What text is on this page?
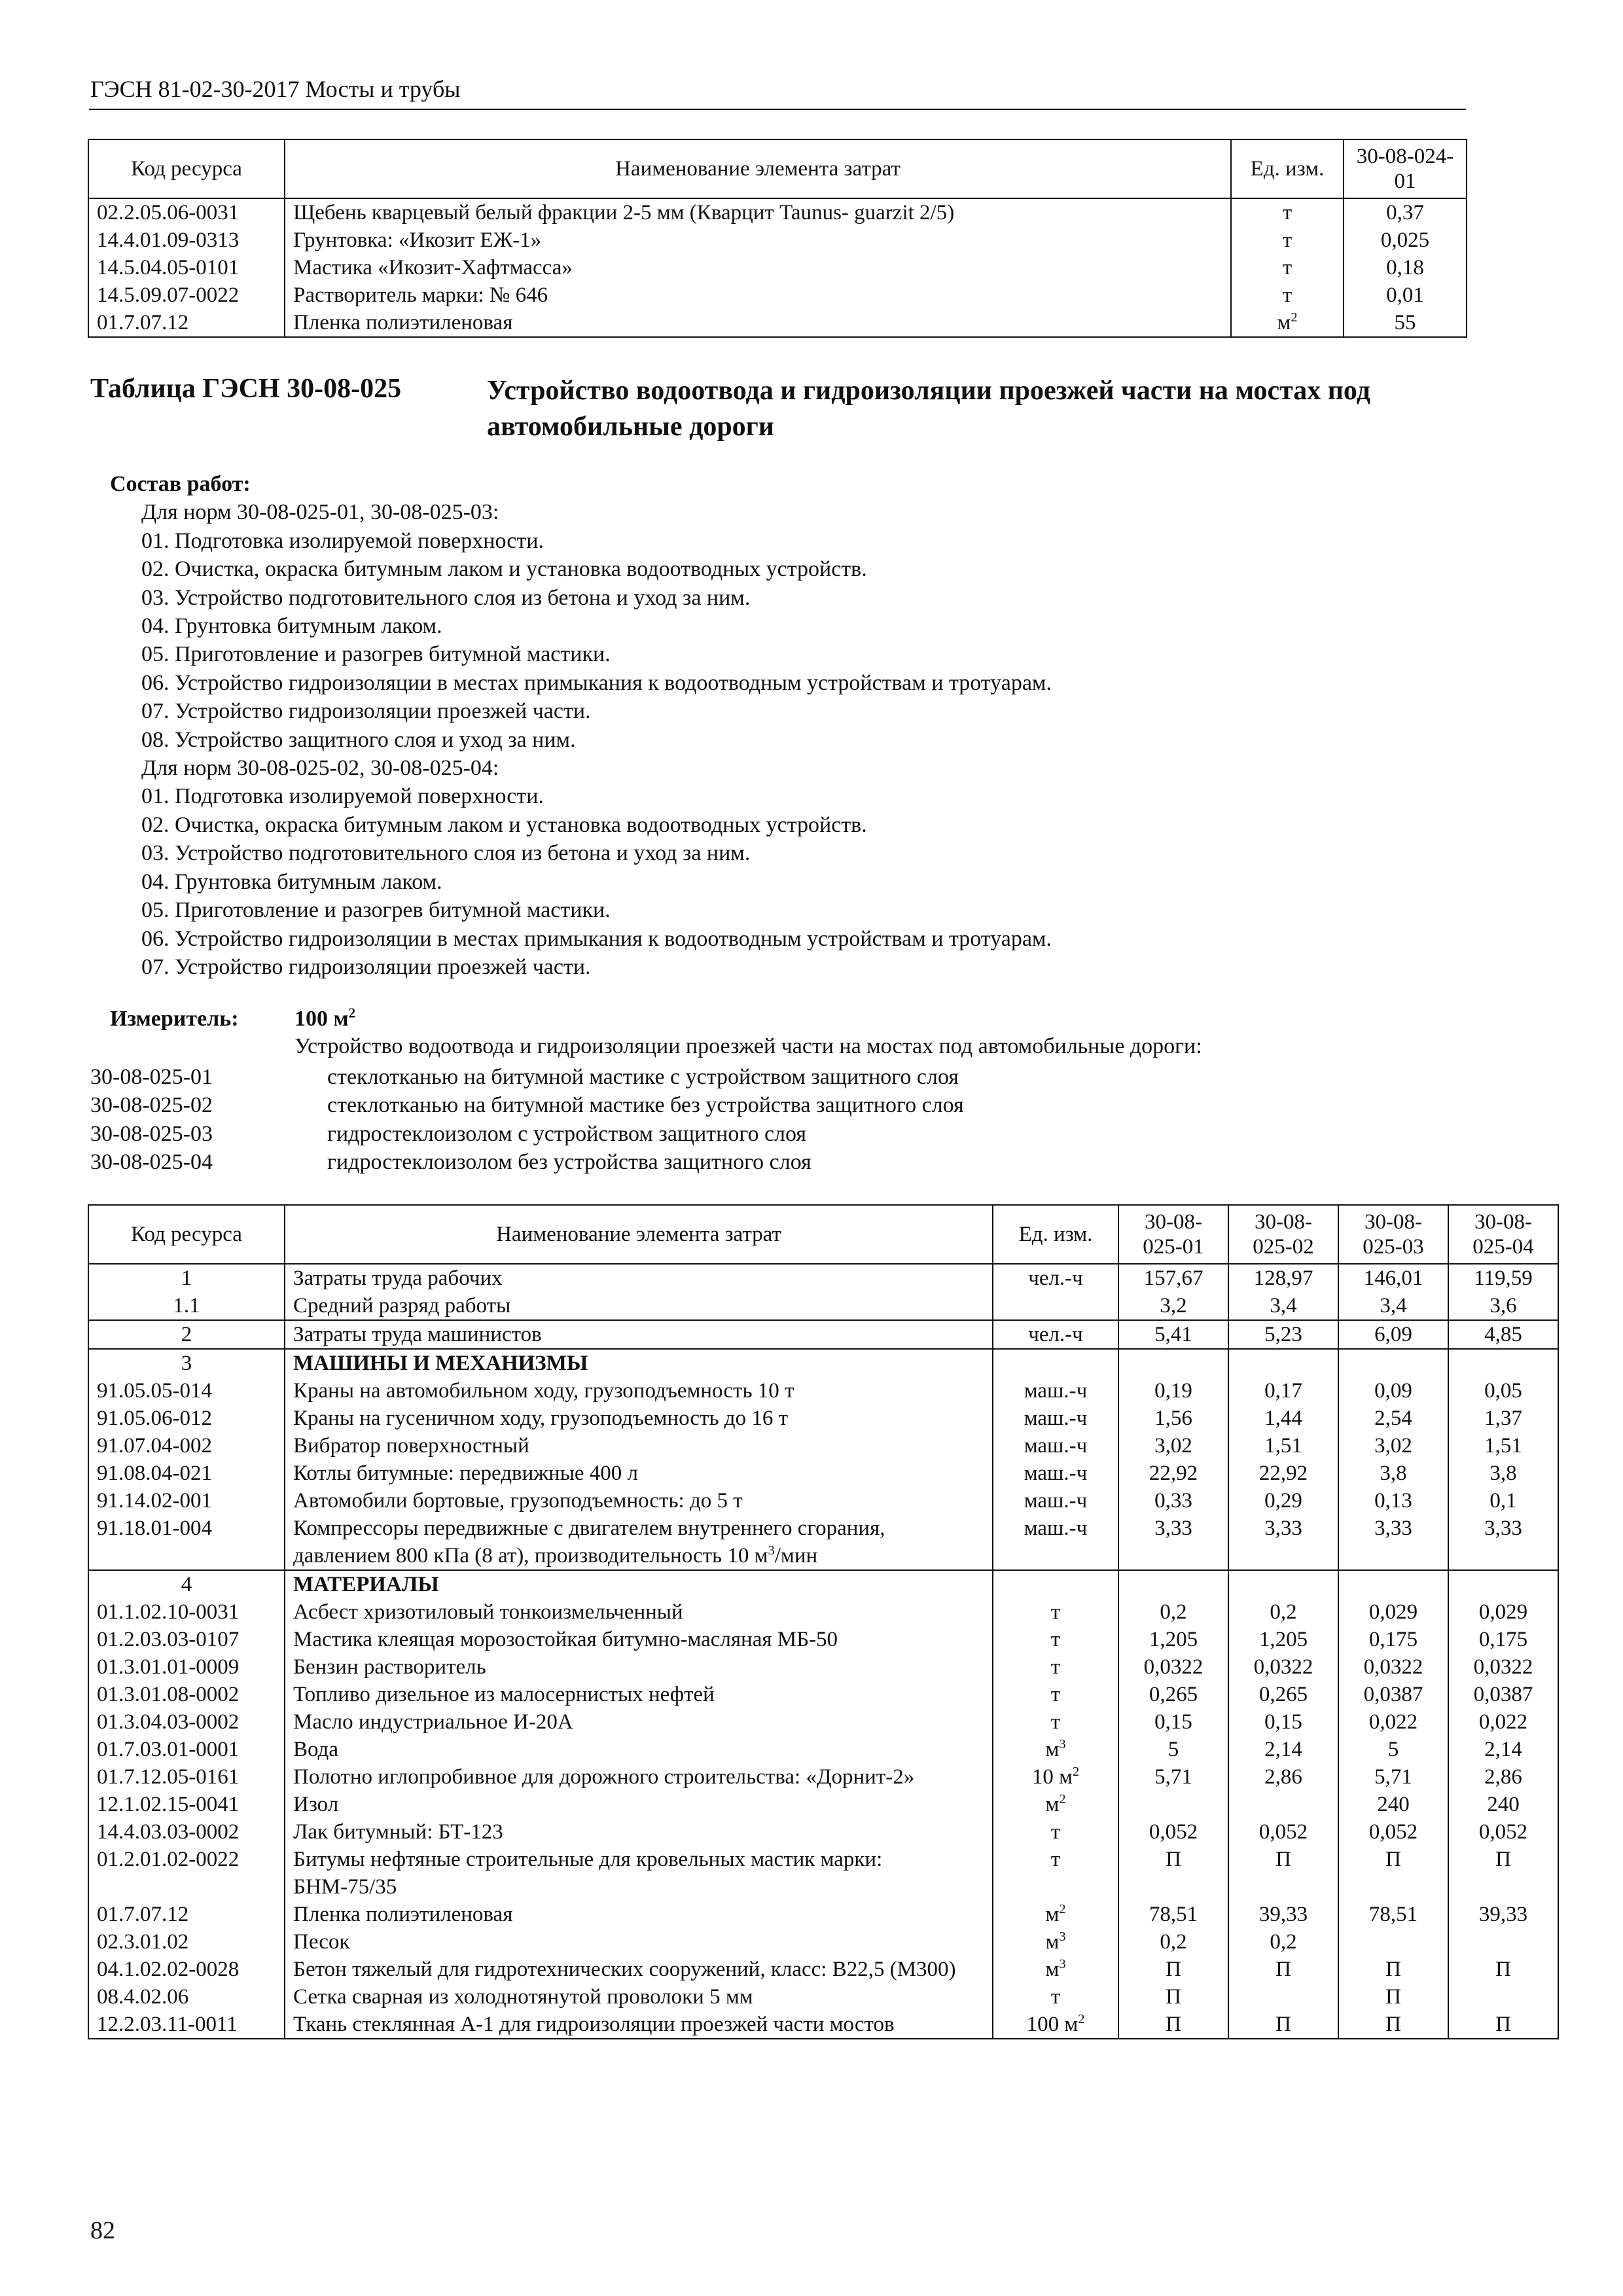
ГЭСН 81-02-30-2017 Мосты и трубы
Код ресурса	Наименование элемента затрат	Ед. изм.	30-08-024-01
02.2.05.06-0031	Щебень кварцевый белый фракции 2-5 мм (Кварцит Taunus- guarzit 2/5)	т	0,37
14.4.01.09-0313	Грунтовка: «Икозит ЕЖ-1»	т	0,025
14.5.04.05-0101	Мастика «Икозит-Хафтмасса»	т	0,18
14.5.09.07-0022	Растворитель марки: № 646	т	0,01
01.7.07.12	Пленка полиэтиленовая	$м^2$	55
Таблица ГЭСН 30-08-025	Устройство водоотвода и гидроизоляции проезжей части на мостах под автомобильные дороги
Состав работ:
Для норм 30-08-025-01, 30-08-025-03:
01. Подготовка изолируемой поверхности.
02. Очистка, окраска битумным лаком и установка водоотводных устройств.
03. Устройство подготовительного слоя из бетона и уход за ним.
04. Грунтовка битумным лаком.
05. Приготовление и разогрев битумной мастики.
06. Устройство гидроизоляции в местах примыкания к водоотводным устройствам и тротуарам.
07. Устройство гидроизоляции проезжей части.
08. Устройство защитного слоя и уход за ним.
Для норм 30-08-025-02, 30-08-025-04:
01. Подготовка изолируемой поверхности.
02. Очистка, окраска битумным лаком и установка водоотводных устройств.
03. Устройство подготовительного слоя из бетона и уход за ним.
04. Грунтовка битумным лаком.
05. Приготовление и разогрев битумной мастики.
06. Устройство гидроизоляции в местах примыкания к водоотводным устройствам и тротуарам.
07. Устройство гидроизоляции проезжей части.
Измеритель:	100 $м^2$
Устройство водоотвода и гидроизоляции проезжей части на мостах под автомобильные дороги:
30-08-025-01	стеклотканью на битумной мастике с устройством защитного слоя
30-08-025-02	стеклотканью на битумной мастике без устройства защитного слоя
30-08-025-03	гидростеклоизолом с устройством защитного слоя
30-08-025-04	гидростеклоизолом без устройства защитного слоя
Код ресурса	Наименование элемента затрат	Ед. изм.	30-08-025-01	30-08-025-02	30-08-025-03	30-08-025-04
1	Затраты труда рабочих	чел.-ч	157,67	128,97	146,01	119,59
1.1	Средний разряд работы		3,2	3,4	3,4	3,6
2	Затраты труда машинистов	чел.-ч	5,41	5,23	6,09	4,85
3	МАШИНЫ И МЕХАНИЗМЫ					
91.05.05-014	Краны на автомобильном ходу, грузоподъемность 10 т	маш.-ч	0,19	0,17	0,09	0,05
91.05.06-012	Краны на гусеничном ходу, грузоподъемность до 16 т	маш.-ч	1,56	1,44	2,54	1,37
91.07.04-002	Вибратор поверхностный	маш.-ч	3,02	1,51	3,02	1,51
91.08.04-021	Котлы битумные: передвижные 400 л	маш.-ч	22,92	22,92	3,8	3,8
91.14.02-001	Автомобили бортовые, грузоподъемность: до 5 т	маш.-ч	0,33	0,29	0,13	0,1
91.18.01-004	Компрессоры передвижные с двигателем внутреннего сгорания, давлением 800 кПа (8 ат), производительность 10 $м^3$/мин	маш.-ч	3,33	3,33	3,33	3,33
4	МАТЕРИАЛЫ					
01.1.02.10-0031	Асбест хризотиловый тонкоизмельченный	т	0,2	0,2	0,029	0,029
01.2.03.03-0107	Мастика клеящая морозостойкая битумно-масляная МБ-50	т	1,205	1,205	0,175	0,175
01.3.01.01-0009	Бензин растворитель	т	0,0322	0,0322	0,0322	0,0322
01.3.01.08-0002	Топливо дизельное из малосернистых нефтей	т	0,265	0,265	0,0387	0,0387
01.3.04.03-0002	Масло индустриальное И-20А	т	0,15	0,15	0,022	0,022
01.7.03.01-0001	Вода	$м^3$	5	2,14	5	2,14
01.7.12.05-0161	Полотно иглопробивное для дорожного строительства: «Дорнит-2»	10 $м^2$	5,71	2,86	5,71	2,86
12.1.02.15-0041	Изол	$м^2$			240	240
14.4.03.03-0002	Лак битумный: БТ-123	т	0,052	0,052	0,052	0,052
01.2.01.02-0022	Битумы нефтяные строительные для кровельных мастик марки: БНМ-75/35	т	П	П	П	П
01.7.07.12	Пленка полиэтиленовая	$м^2$	78,51	39,33	78,51	39,33
02.3.01.02	Песок	$м^3$	0,2	0,2		
04.1.02.02-0028	Бетон тяжелый для гидротехнических сооружений, класс: В22,5 (М300)	$м^3$	П	П	П	П
08.4.02.06	Сетка сварная из холоднотянутой проволоки 5 мм	т	П		П	
12.2.03.11-0011	Ткань стеклянная А-1 для гидроизоляции проезжей части мостов	100 $м^2$	П	П	П	П
82
